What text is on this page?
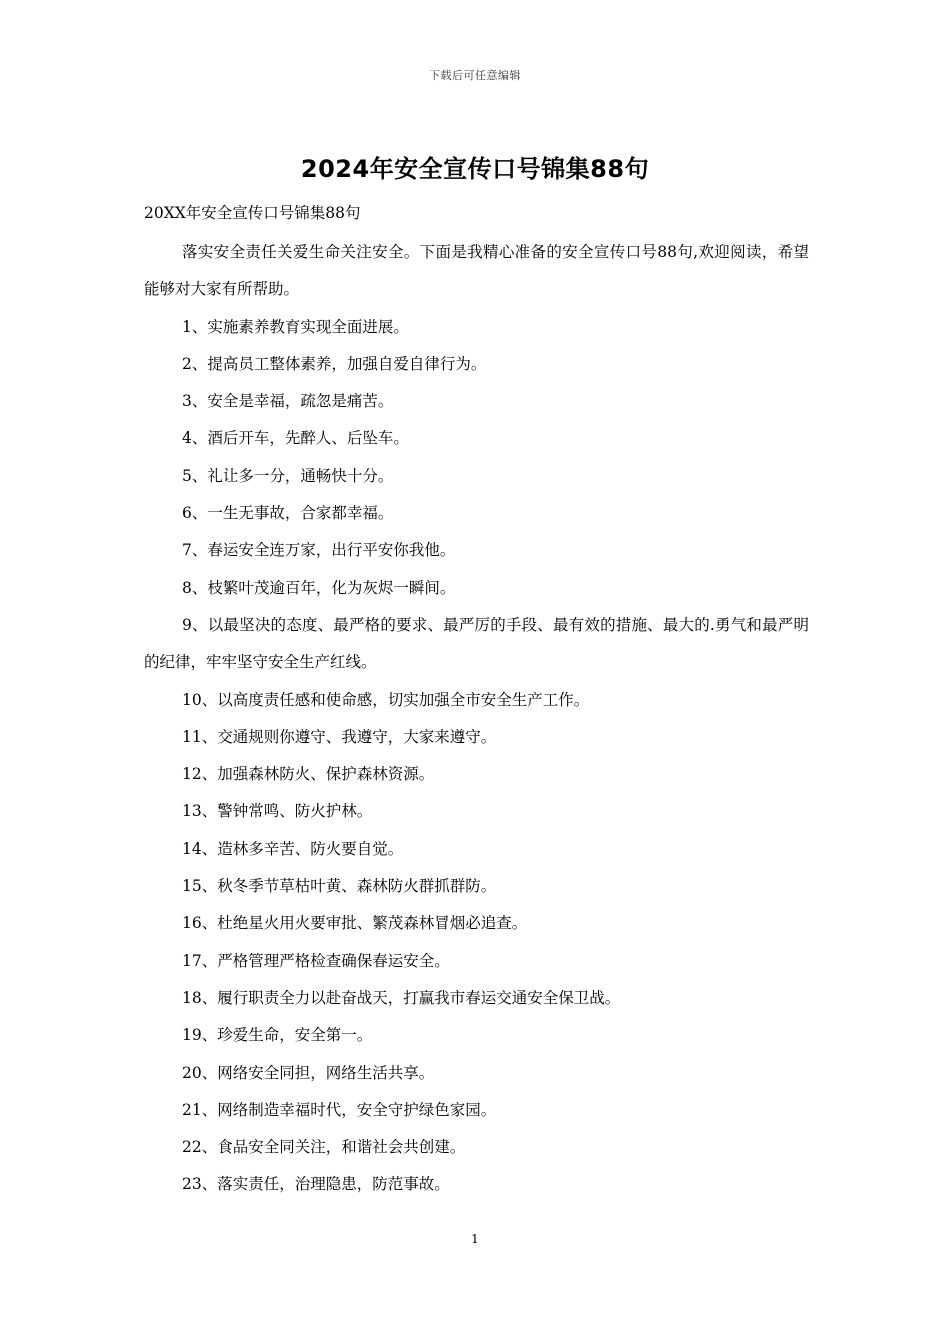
下载后可任意编辑
2024年安全宣传口号锦集88句
20XX年安全宣传口号锦集88句

落实安全责任关爱生命关注安全。下面是我精心准备的安全宣传口号88句,欢迎阅读，希望能够对大家有所帮助。

1、实施素养教育实现全面进展。

2、提高员工整体素养，加强自爱自律行为。

3、安全是幸福，疏忽是痛苦。

4、酒后开车，先醉人、后坠车。

5、礼让多一分，通畅快十分。

6、一生无事故，合家都幸福。

7、春运安全连万家，出行平安你我他。

8、枝繁叶茂逾百年，化为灰烬一瞬间。

9、以最坚决的态度、最严格的要求、最严厉的手段、最有效的措施、最大的.勇气和最严明的纪律，牢牢坚守安全生产红线。

10、以高度责任感和使命感，切实加强全市安全生产工作。

11、交通规则你遵守、我遵守，大家来遵守。

12、加强森林防火、保护森林资源。

13、警钟常鸣、防火护林。

14、造林多辛苦、防火要自觉。

15、秋冬季节草枯叶黄、森林防火群抓群防。

16、杜绝星火用火要审批、繁茂森林冒烟必追查。

17、严格管理严格检查确保春运安全。

18、履行职责全力以赴奋战天，打赢我市春运交通安全保卫战。

19、珍爱生命，安全第一。

20、网络安全同担，网络生活共享。

21、网络制造幸福时代，安全守护绿色家园。

22、食品安全同关注，和谐社会共创建。

23、落实责任，治理隐患，防范事故。

1
